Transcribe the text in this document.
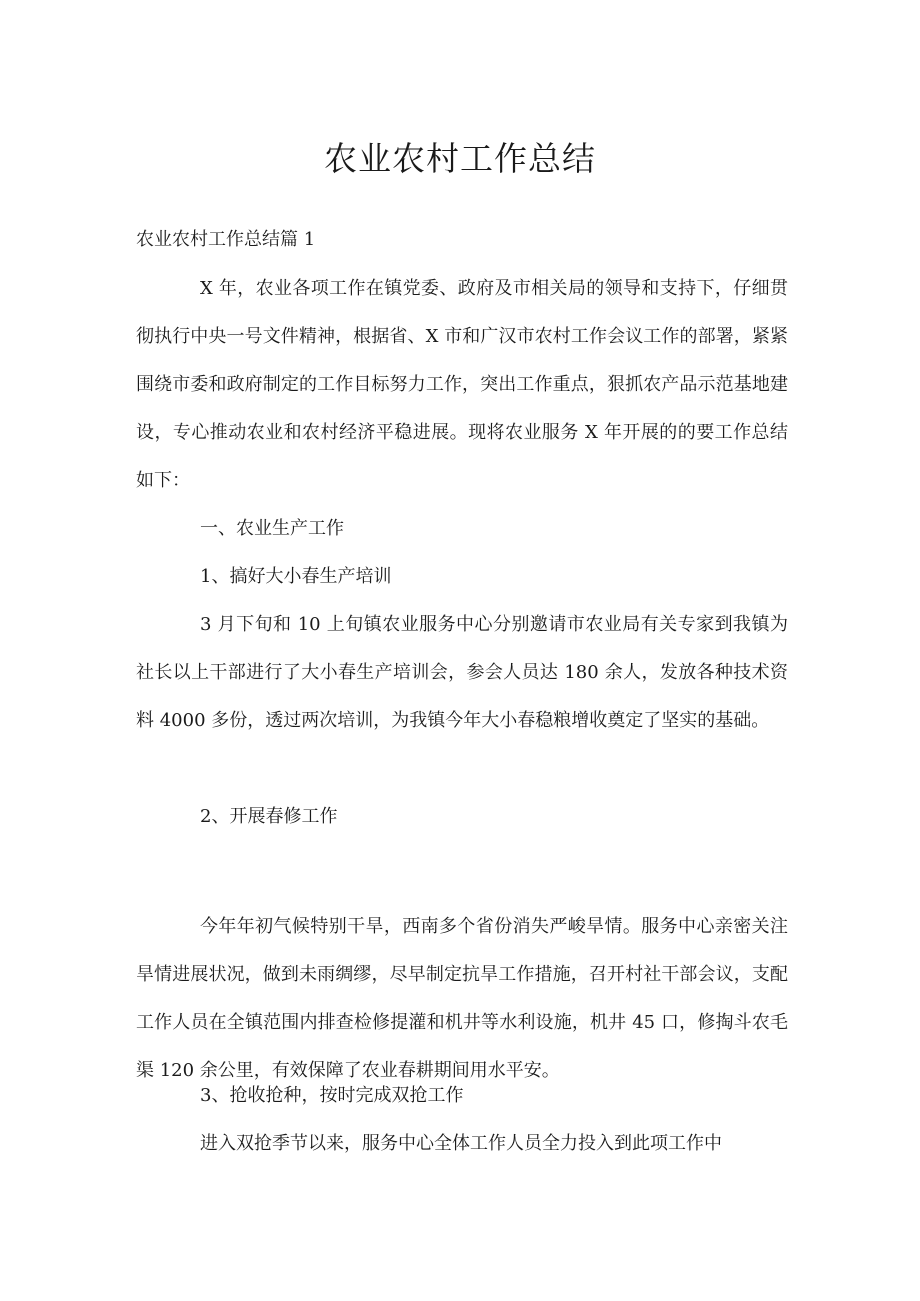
农业农村工作总结

农业农村工作总结篇 1

X 年，农业各项工作在镇党委、政府及市相关局的领导和支持下，仔细贯彻执行中央一号文件精神，根据省、X 市和广汉市农村工作会议工作的部署，紧紧围绕市委和政府制定的工作目标努力工作，突出工作重点，狠抓农产品示范基地建设，专心推动农业和农村经济平稳进展。现将农业服务 X 年开展的的要工作总结如下：

一、农业生产工作

1、搞好大小春生产培训

3 月下旬和 10 上旬镇农业服务中心分别邀请市农业局有关专家到我镇为社长以上干部进行了大小春生产培训会，参会人员达 180 余人，发放各种技术资料 4000 多份，透过两次培训，为我镇今年大小春稳粮增收奠定了坚实的基础。

2、开展春修工作

今年年初气候特别干旱，西南多个省份消失严峻旱情。服务中心亲密关注旱情进展状况，做到未雨绸缪，尽早制定抗旱工作措施，召开村社干部会议，支配工作人员在全镇范围内排查检修提灌和机井等水利设施，机井 45 口，修掏斗农毛渠 120 余公里，有效保障了农业春耕期间用水平安。

3、抢收抢种，按时完成双抢工作

进入双抢季节以来，服务中心全体工作人员全力投入到此项工作中
